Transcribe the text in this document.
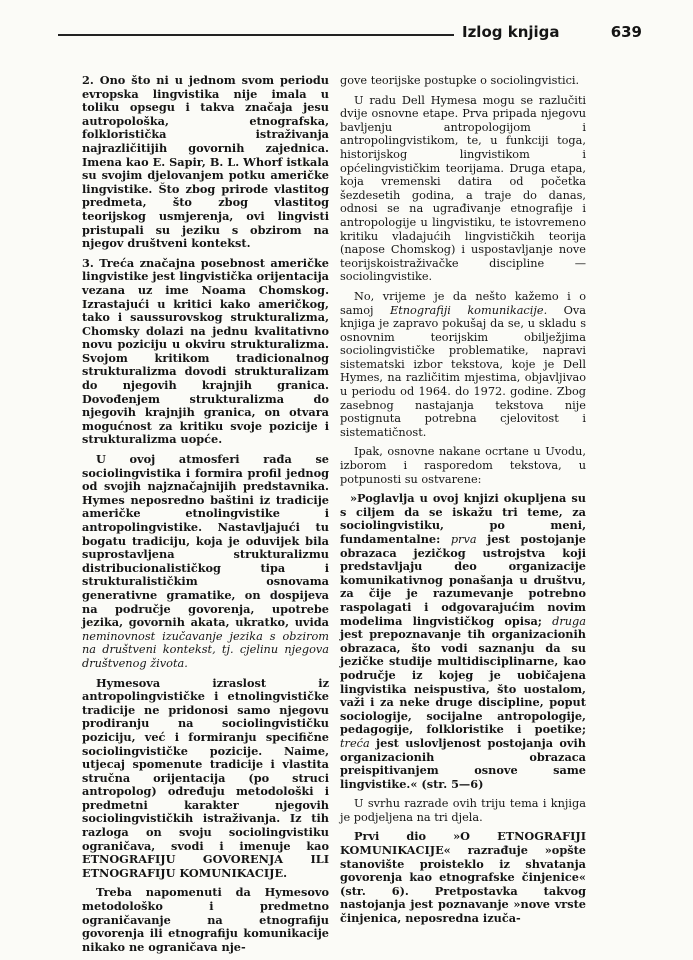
Izlog knjiga	639

2. Ono što ni u jednom svom periodu evropska lingvistika nije imala u toliku opsegu i takva značaja jesu autropološka, etnografska, folkloristička istraživanja najrazličitijih govornih zajednica. Imena kao E. Sapir, B. L. Whorf istkala su svojim djelovanjem potku američke lingvistike. Što zbog prirode vlastitog predmeta, što zbog vlastitog teorijskog usmjerenja, ovi lingvisti pristupali su jeziku s obzirom na njegov društveni kontekst.

3. Treća značajna posebnost američke lingvistike jest lingvistička orijentacija vezana uz ime Noama Chomskog. Izrastajući u kritici kako američkog, tako i saussurovskog strukturalizma, Chomsky dolazi na jednu kvalitativno novu poziciju u okviru strukturalizma. Svojom kritikom tradicionalnog strukturalizma dovodi strukturalizam do njegovih krajnjih granica. Dovođenjem strukturalizma do njegovih krajnjih granica, on otvara mogućnost za kritiku svoje pozicije i strukturalizma uopće.

U ovoj atmosferi rađa se sociolingvistika i formira profil jednog od svojih najznačajnijih predstavnika. Hymes neposredno baštini iz tradicije američke etnolingvistike i antropolingvistike. Nastavljajući tu bogatu tradiciju, koja je oduvijek bila suprostavljena strukturalizmu distribucionalističkog tipa i strukturalističkim osnovama generativne gramatike, on dospijeva na područje govorenja, upotrebe jezika, govornih akata, ukratko, uvida neminovnost izučavanje jezika s obzirom na društveni kontekst, tj. cjelinu njegova društvenog života.

Hymesova izraslost iz antropolingvističke i etnolingvističke tradicije ne pridonosi samo njegovu prodiranju na sociolingvističku poziciju, već i formiranju specifične sociolingvističke pozicije. Naime, utjecaj spomenute tradicije i vlastita stručna orijentacija (po struci antropolog) određuju metodološki i predmetni karakter njegovih sociolingvističkih istraživanja. Iz tih razloga on svoju sociolingvistiku ograničava, svodi i imenuje kao ETNOGRAFIJU GOVORENJA ILI ETNOGRAFIJU KOMUNIKACIJE.

Treba napomenuti da Hymesovo metodološko i predmetno ograničavanje na etnografiju govorenja ili etnografiju komunikacije nikako ne ograničava nje-

gove teorijske postupke o sociolingvistici.

U radu Dell Hymesa mogu se razlučiti dvije osnovne etape. Prva pripada njegovu bavljenju antropologijom i antropolingvistikom, te, u funkciji toga, historijskog lingvistikom i općelingvističkim teorijama. Druga etapa, koja vremenski datira od početka šezdesetih godina, a traje do danas, odnosi se na ugrađivanje etnografije i antropologije u lingvistiku, te istovremeno kritiku vladajućih lingvističkih teorija (napose Chomskog) i uspostavljanje nove teorijskoistraživačke discipline — sociolingvistike.

No, vrijeme je da nešto kažemo i o samoj Etnografiji komunikacije. Ova knjiga je zapravo pokušaj da se, u skladu s osnovnim teorijskim obilježjima sociolingvističke problematike, napravi sistematski izbor tekstova, koje je Dell Hymes, na različitim mjestima, objavljivao u periodu od 1964. do 1972. godine. Zbog zasebnog nastajanja tekstova nije postignuta potrebna cjelovitost i sistematičnost.

Ipak, osnovne nakane ocrtane u Uvodu, izborom i rasporedom tekstova, u potpunosti su ostvarene:

»Poglavlja u ovoj knjizi okupljena su s ciljem da se iskažu tri teme, za sociolingvistiku, po meni, fundamentalne: prva jest postojanje obrazaca jezičkog ustrojstva koji predstavljaju deo organizacije komunikativnog ponašanja u društvu, za čije je razumevanje potrebno raspolagati i odgovarajućim novim modelima lingvističkog opisa; druga jest prepoznavanje tih organizacionih obrazaca, što vodi saznanju da su jezičke studije multidisciplinarne, kao područje iz kojeg je uobičajena lingvistika neispustiva, što uostalom, važi i za neke druge discipline, poput sociologije, socijalne antropologije, pedagogije, folkloristike i poetike; treća jest uslovljenost postojanja ovih organizacionih obrazaca preispitivanjem osnove same lingvistike.« (str. 5—6)

U svrhu razrade ovih triju tema i knjiga je podjeljena na tri djela.

Prvi dio »O ETNOGRAFIJI KOMUNIKACIJE« razrađuje »opšte stanovište proisteklo iz shvatanja govorenja kao etnografske činjenice« (str. 6). Pretpostavka takvog nastojanja jest poznavanje »nove vrste činjenica, neposredna izuča-
